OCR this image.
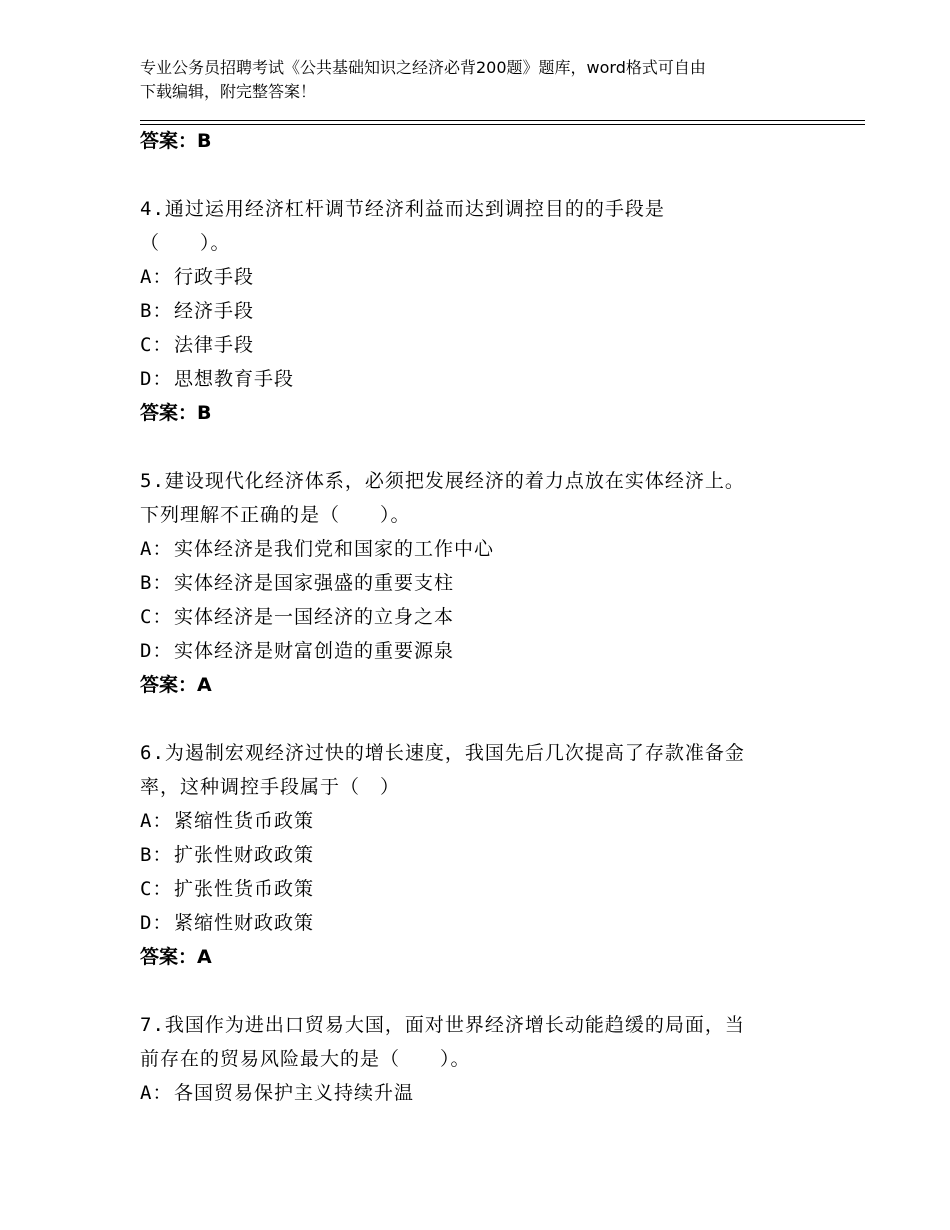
专业公务员招聘考试《公共基础知识之经济必背200题》题库，word格式可自由
下载编辑，附完整答案！
答案：B
4.通过运用经济杠杆调节经济利益而达到调控目的的手段是
（　　）。
A：行政手段
B：经济手段
C：法律手段
D：思想教育手段
答案：B
5.建设现代化经济体系，必须把发展经济的着力点放在实体经济上。
下列理解不正确的是（　　）。
A：实体经济是我们党和国家的工作中心
B：实体经济是国家强盛的重要支柱
C：实体经济是一国经济的立身之本
D：实体经济是财富创造的重要源泉
答案：A
6.为遏制宏观经济过快的增长速度，我国先后几次提高了存款准备金
率，这种调控手段属于（　）
A：紧缩性货币政策
B：扩张性财政政策
C：扩张性货币政策
D：紧缩性财政政策
答案：A
7.我国作为进出口贸易大国，面对世界经济增长动能趋缓的局面，当
前存在的贸易风险最大的是（　　）。
A：各国贸易保护主义持续升温
